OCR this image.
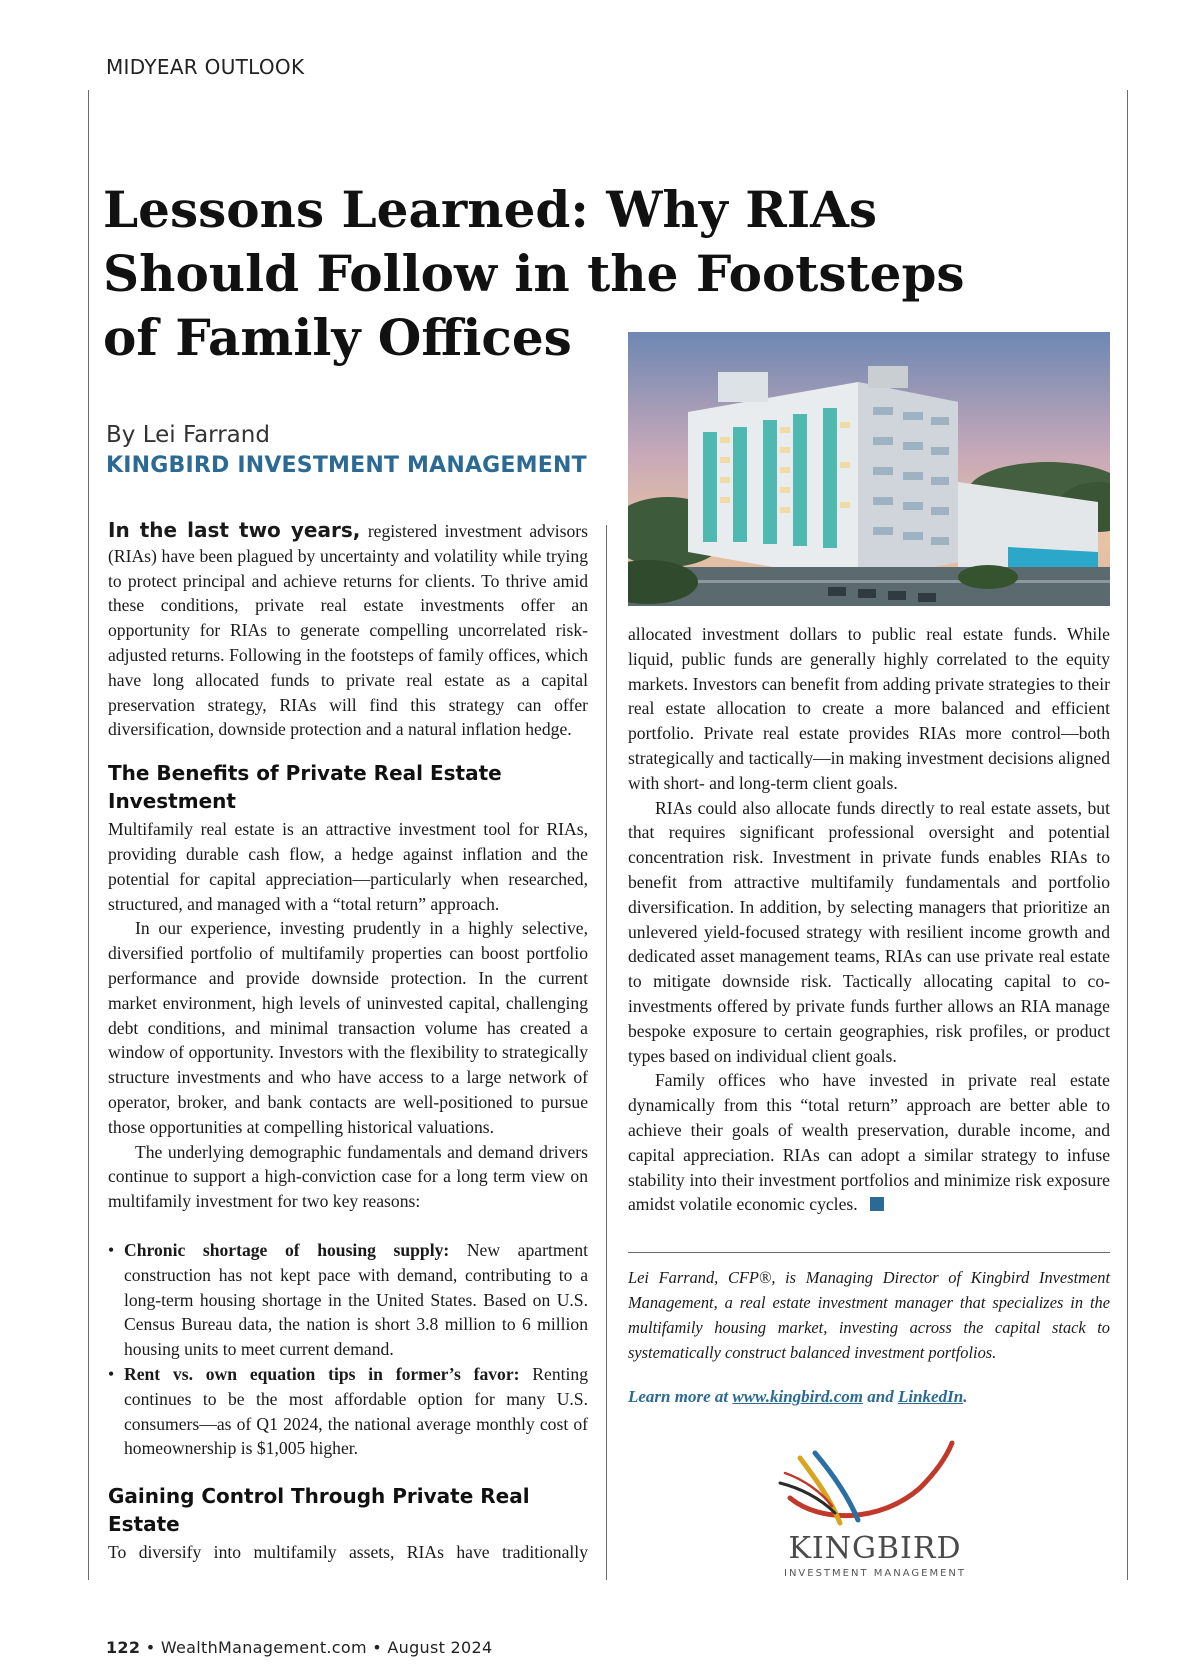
MIDYEAR OUTLOOK
Lessons Learned: Why RIAs Should Follow in the Footsteps of Family Offices
By Lei Farrand
KINGBIRD INVESTMENT MANAGEMENT

In the last two years, registered investment advisors (RIAs) have been plagued by uncertainty and volatility while trying to protect principal and achieve returns for clients. To thrive amid these conditions, private real estate investments offer an opportunity for RIAs to generate compelling uncorrelated risk-adjusted returns. Following in the footsteps of family offices, which have long allocated funds to private real estate as a capital preservation strategy, RIAs will find this strategy can offer diversification, downside protection and a natural inflation hedge.

The Benefits of Private Real Estate Investment

Multifamily real estate is an attractive investment tool for RIAs, providing durable cash flow, a hedge against inflation and the potential for capital appreciation—particularly when researched, structured, and managed with a “total return” approach.

In our experience, investing prudently in a highly selective, diversified portfolio of multifamily properties can boost portfolio performance and provide downside protection. In the current market environment, high levels of uninvested capital, challenging debt conditions, and minimal transaction volume has created a window of opportunity. Investors with the flexibility to strategically structure investments and who have access to a large network of operator, broker, and bank contacts are well-positioned to pursue those opportunities at compelling historical valuations.

The underlying demographic fundamentals and demand drivers continue to support a high-conviction case for a long term view on multifamily investment for two key reasons:

• Chronic shortage of housing supply: New apartment construction has not kept pace with demand, contributing to a long-term housing shortage in the United States. Based on U.S. Census Bureau data, the nation is short 3.8 million to 6 million housing units to meet current demand.
• Rent vs. own equation tips in former’s favor: Renting continues to be the most affordable option for many U.S. consumers—as of Q1 2024, the national average monthly cost of homeownership is $1,005 higher.
Gaining Control Through Private Real Estate

To diversify into multifamily assets, RIAs have traditionally

allocated investment dollars to public real estate funds. While liquid, public funds are generally highly correlated to the equity markets. Investors can benefit from adding private strategies to their real estate allocation to create a more balanced and efficient portfolio. Private real estate provides RIAs more control—both strategically and tactically—in making investment decisions aligned with short- and long-term client goals.

RIAs could also allocate funds directly to real estate assets, but that requires significant professional oversight and potential concentration risk. Investment in private funds enables RIAs to benefit from attractive multifamily fundamentals and portfolio diversification. In addition, by selecting managers that prioritize an unlevered yield-focused strategy with resilient income growth and dedicated asset management teams, RIAs can use private real estate to mitigate downside risk. Tactically allocating capital to co-investments offered by private funds further allows an RIA manage bespoke exposure to certain geographies, risk profiles, or product types based on individual client goals.

Family offices who have invested in private real estate dynamically from this “total return” approach are better able to achieve their goals of wealth preservation, durable income, and capital appreciation. RIAs can adopt a similar strategy to infuse stability into their investment portfolios and minimize risk exposure amidst volatile economic cycles.

Lei Farrand, CFP®, is Managing Director of Kingbird Investment Management, a real estate investment manager that specializes in the multifamily housing market, investing across the capital stack to systematically construct balanced investment portfolios.

Learn more at www.kingbird.com and LinkedIn.
KINGBIRD
INVESTMENT MANAGEMENT
122 • WealthManagement.com • August 2024
